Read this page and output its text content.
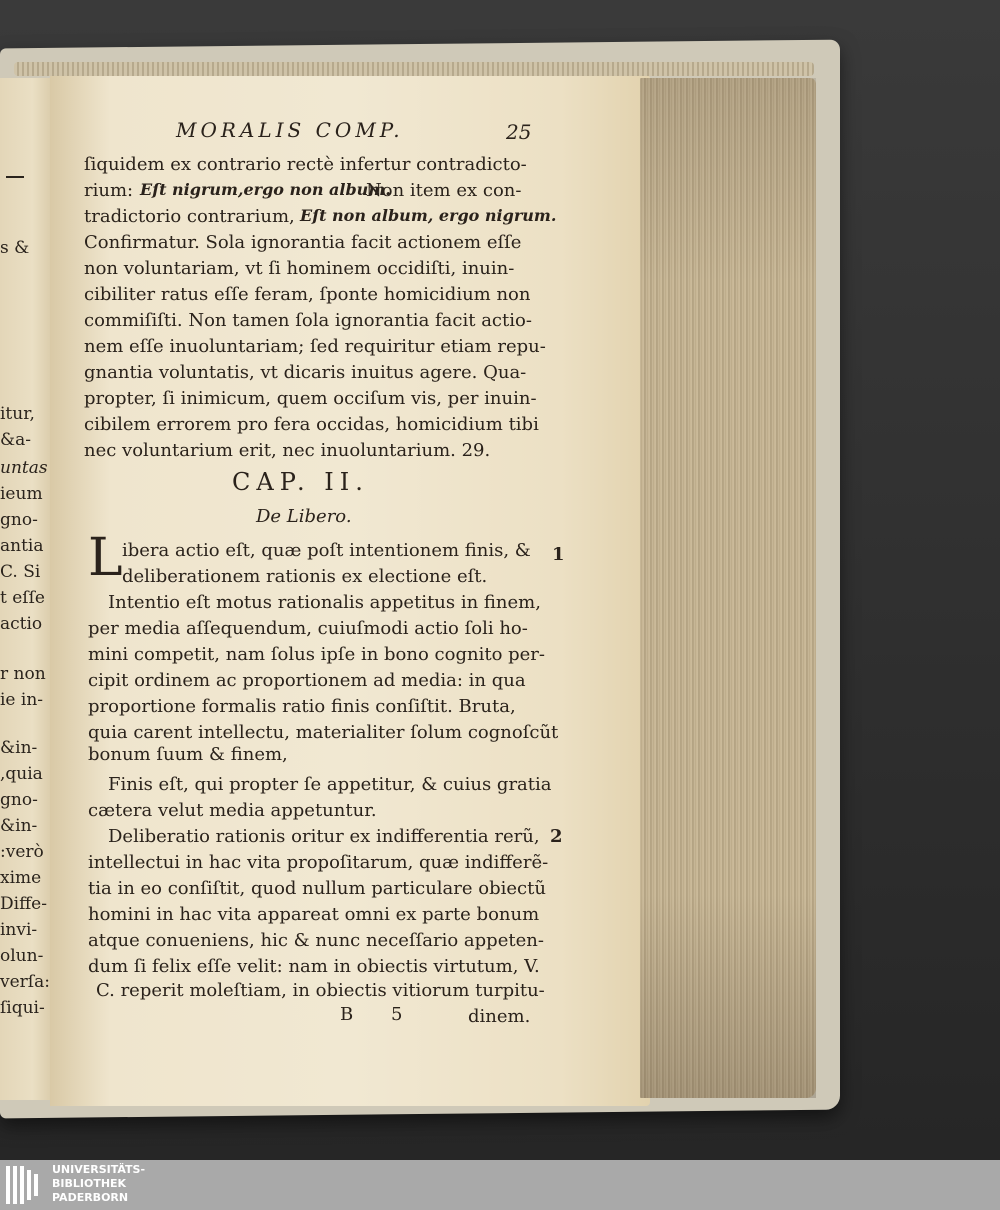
s &
itur,
&a-
untas
ieum
gno-
antia
C. Si
t eſſe
actio
r non
ie in-
&in-
,quia
gno-
&in-
:verò
xime
Diffe-
invi-
olun-
verſa:
ſiqui-
MORALIS COMP.	25
ſiquidem ex contrario rectè infertur contradicto-
rium: Eſt nigrum,ergo non album.
Non item ex con-
tradictorio contrarium, Eſt non album, ergo nigrum.
Confirmatur. Sola ignorantia facit actionem eſſe
non voluntariam, vt ſi hominem occidiſti, inuin-
cibiliter ratus eſſe feram, ſponte homicidium non
commiſiſti. Non tamen ſola ignorantia facit actio-
nem eſſe inuoluntariam; ſed requiritur etiam repu-
gnantia voluntatis, vt dicaris inuitus agere. Qua-
propter, ſi inimicum, quem occiſum vis, per inuin-
cibilem errorem pro fera occidas, homicidium tibi
nec voluntarium erit, nec inuoluntarium. 29.
CAP. II.
De Libero.
L ibera actio eſt, quæ poſt intentionem finis, &
deliberationem rationis ex electione eſt.
1
Intentio eſt motus rationalis appetitus in finem,
per media aſſequendum, cuiuſmodi actio ſoli ho-
mini competit, nam ſolus ipſe in bono cognito per-
cipit ordinem ac proportionem ad media: in qua
proportione formalis ratio finis conſiſtit. Bruta,
quia carent intellectu, materialiter ſolum cognoſcũt
bonum ſuum & finem,
Finis eſt, qui propter ſe appetitur, & cuius gratia
cætera velut media appetuntur.
Deliberatio rationis oritur ex indifferentia rerũ, 2
intellectui in hac vita propoſitarum, quæ indifferẽ-
tia in eo conſiſtit, quod nullum particulare obiectũ
homini in hac vita appareat omni ex parte bonum
atque conueniens, hic & nunc neceſſario appeten-
dum ſi felix eſſe velit: nam in obiectis virtutum, V.
C. reperit moleſtiam, in obiectis vitiorum turpitu-
B 5	dinem.
UNIVERSITÄTS-
BIBLIOTHEK
PADERBORN
